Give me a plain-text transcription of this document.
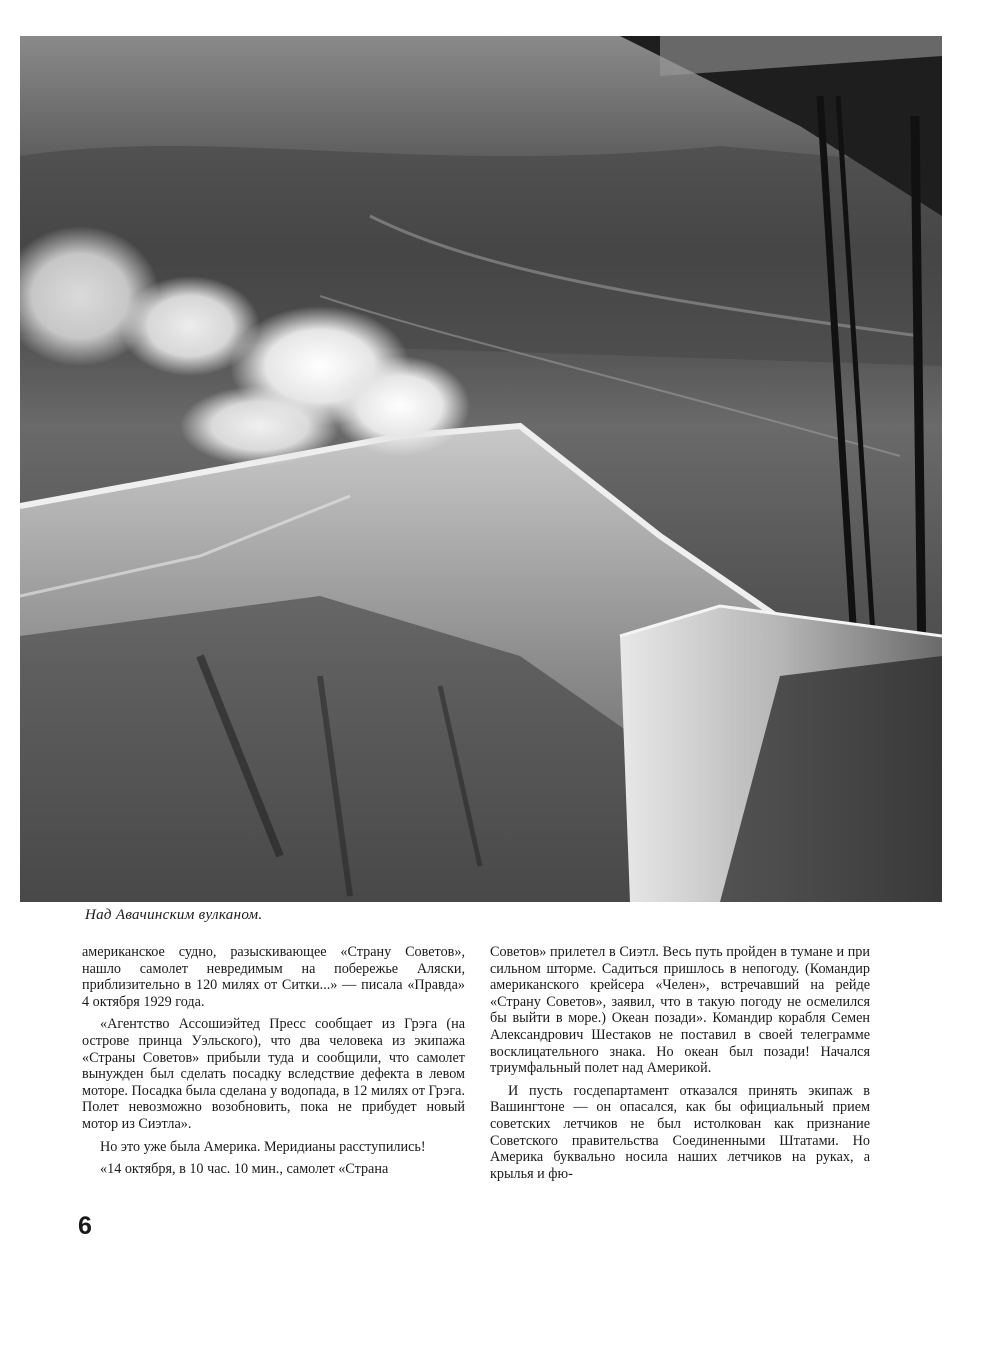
Над Авачинским вулканом.

американское судно, разыскивающее «Страну Советов», нашло самолет невредимым на побережье Аляски, приблизительно в 120 милях от Ситки...» — писала «Правда» 4 октября 1929 года.

«Агентство Ассошиэйтед Пресс сообщает из Грэга (на острове принца Уэльского), что два человека из экипажа «Страны Советов» прибыли туда и сообщили, что самолет вынужден был сделать посадку вследствие дефекта в левом моторе. Посадка была сделана у водопада, в 12 милях от Грэга. Полет невозможно возобновить, пока не прибудет новый мотор из Сиэтла».

Но это уже была Америка. Меридианы расступились!

«14 октября, в 10 час. 10 мин., самолет «Страна

Советов» прилетел в Сиэтл. Весь путь пройден в тумане и при сильном шторме. Садиться пришлось в непогоду. (Командир американского крейсера «Челен», встречавший на рейде «Страну Советов», заявил, что в такую погоду не осмелился бы выйти в море.) Океан позади». Командир корабля Семен Александрович Шестаков не поставил в своей телеграмме восклицательного знака. Но океан был позади! Начался триумфальный полет над Америкой.

И пусть госдепартамент отказался принять экипаж в Вашингтоне — он опасался, как бы официальный прием советских летчиков не был истолкован как признание Советского правительства Соединенными Штатами. Но Америка буквально носила наших летчиков на руках, а крылья и фю-

6
